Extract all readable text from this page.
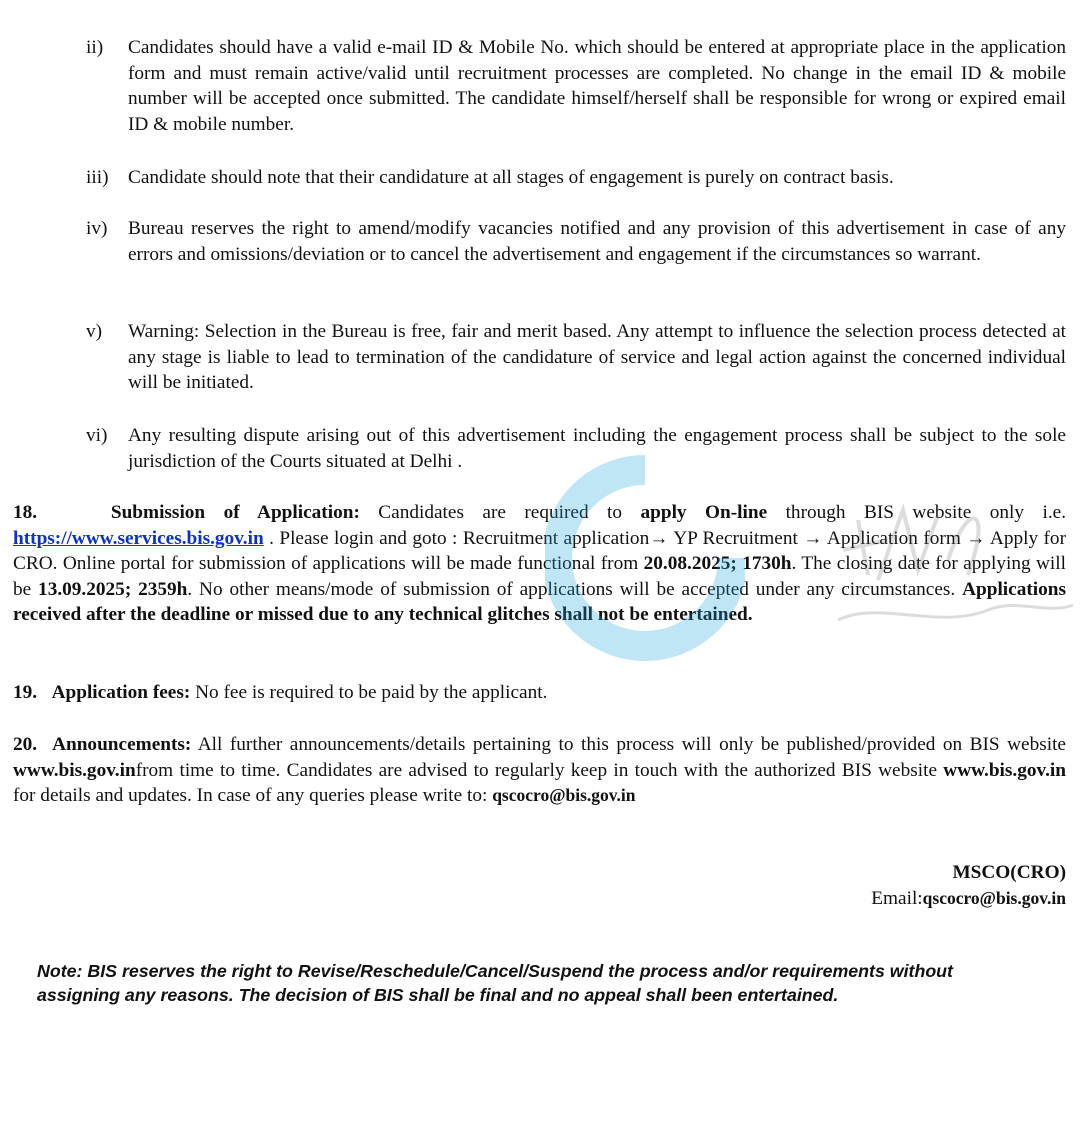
ii) Candidates should have a valid e-mail ID & Mobile No. which should be entered at appropriate place in the application form and must remain active/valid until recruitment processes are completed. No change in the email ID & mobile number will be accepted once submitted. The candidate himself/herself shall be responsible for wrong or expired email ID & mobile number.
iii) Candidate should note that their candidature at all stages of engagement is purely on contract basis.
iv) Bureau reserves the right to amend/modify vacancies notified and any provision of this advertisement in case of any errors and omissions/deviation or to cancel the advertisement and engagement if the circumstances so warrant.
v) Warning: Selection in the Bureau is free, fair and merit based. Any attempt to influence the selection process detected at any stage is liable to lead to termination of the candidature of service and legal action against the concerned individual will be initiated.
vi) Any resulting dispute arising out of this advertisement including the engagement process shall be subject to the sole jurisdiction of the Courts situated at Delhi .
18.	Submission of Application: Candidates are required to apply On-line through BIS website only i.e. https://www.services.bis.gov.in . Please login and goto : Recruitment application→ YP Recruitment → Application form → Apply for CRO. Online portal for submission of applications will be made functional from 20.08.2025; 1730h. The closing date for applying will be 13.09.2025; 2359h. No other means/mode of submission of applications will be accepted under any circumstances. Applications received after the deadline or missed due to any technical glitches shall not be entertained.
19. Application fees: No fee is required to be paid by the applicant.
20. Announcements: All further announcements/details pertaining to this process will only be published/provided on BIS website www.bis.gov.infrom time to time. Candidates are advised to regularly keep in touch with the authorized BIS website www.bis.gov.in for details and updates. In case of any queries please write to: qscocro@bis.gov.in
MSCO(CRO)
Email:qscocro@bis.gov.in
Note: BIS reserves the right to Revise/Reschedule/Cancel/Suspend the process and/or requirements without assigning any reasons. The decision of BIS shall be final and no appeal shall been entertained.
